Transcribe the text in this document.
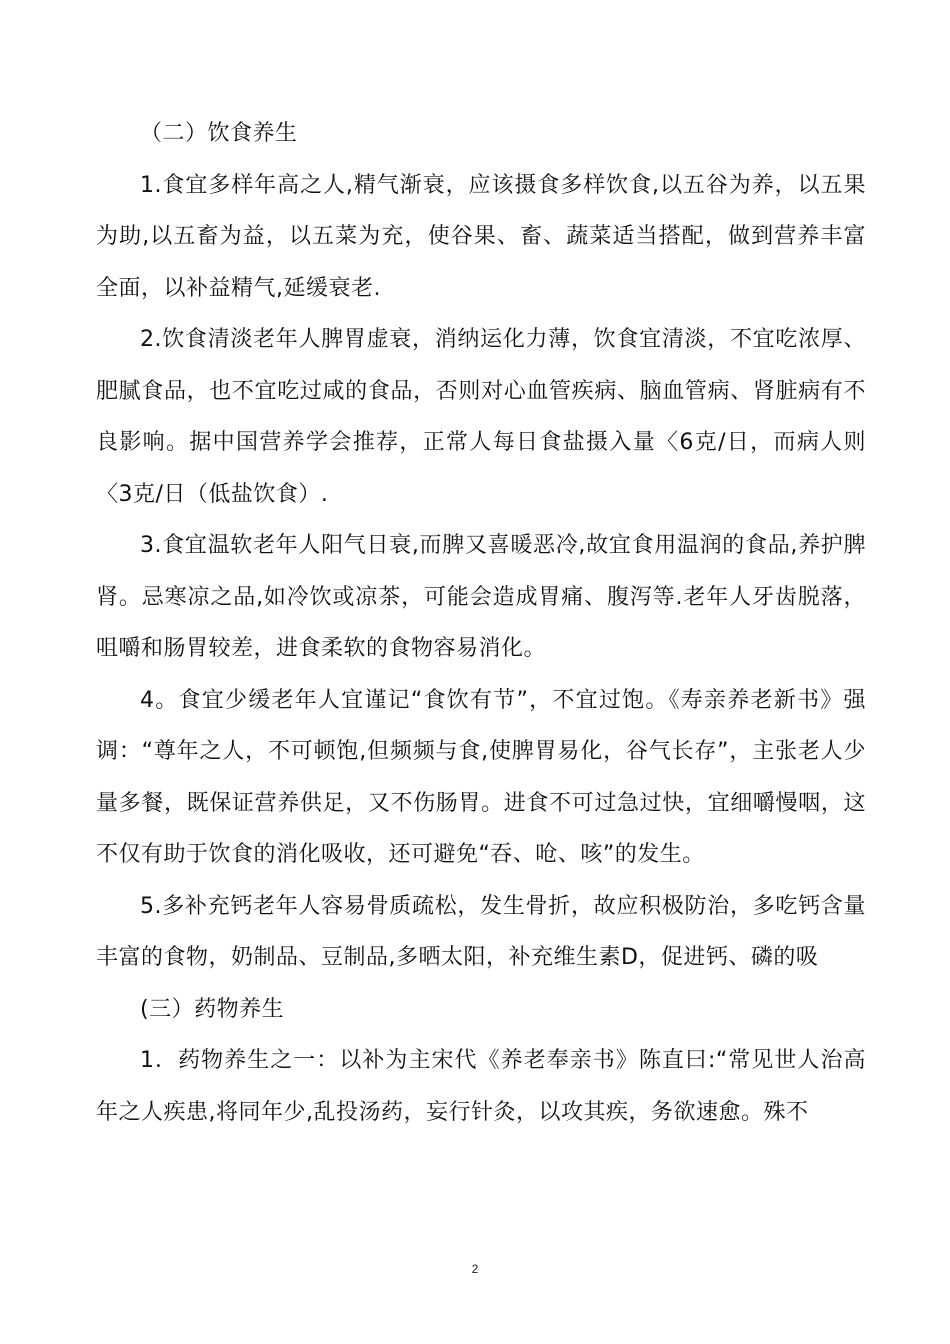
（二）饮食养生

1.食宜多样年高之人,精气渐衰，应该摄食多样饮食,以五谷为养，以五果为助,以五畜为益，以五菜为充，使谷果、畜、蔬菜适当搭配，做到营养丰富全面，以补益精气,延缓衰老.

2.饮食清淡老年人脾胃虚衰，消纳运化力薄，饮食宜清淡，不宜吃浓厚、肥腻食品，也不宜吃过咸的食品，否则对心血管疾病、脑血管病、肾脏病有不良影响。据中国营养学会推荐，正常人每日食盐摄入量〈6克/日，而病人则〈3克/日（低盐饮食）.

3.食宜温软老年人阳气日衰,而脾又喜暖恶冷,故宜食用温润的食品,养护脾肾。忌寒凉之品,如冷饮或凉茶，可能会造成胃痛、腹泻等.老年人牙齿脱落，咀嚼和肠胃较差，进食柔软的食物容易消化。

4。食宜少缓老年人宜谨记“食饮有节”，不宜过饱。《寿亲养老新书》强调：“尊年之人，不可顿饱,但频频与食,使脾胃易化，谷气长存”，主张老人少量多餐，既保证营养供足，又不伤肠胃。进食不可过急过快，宜细嚼慢咽，这不仅有助于饮食的消化吸收，还可避免“吞、呛、咳”的发生。

5.多补充钙老年人容易骨质疏松，发生骨折，故应积极防治，多吃钙含量丰富的食物，奶制品、豆制品,多晒太阳，补充维生素D，促进钙、磷的吸

(三）药物养生

1．药物养生之一：以补为主宋代《养老奉亲书》陈直曰:“常见世人治高年之人疾患,将同年少,乱投汤药，妄行针灸，以攻其疾，务欲速愈。殊不

2
